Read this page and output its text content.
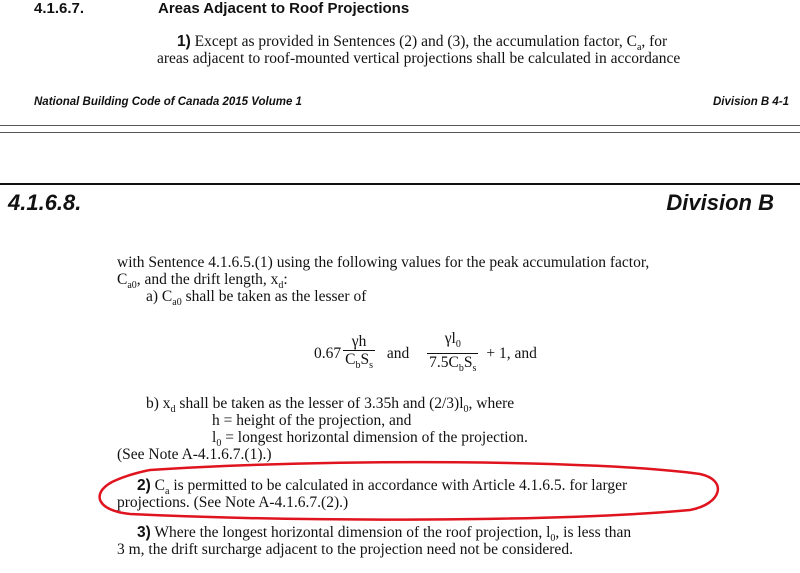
4.1.6.7.	Areas Adjacent to Roof Projections
1) Except as provided in Sentences (2) and (3), the accumulation factor, $C_a$, for
areas adjacent to roof-mounted vertical projections shall be calculated in accordance
National Building Code of Canada 2015 Volume 1	Division B 4-1
4.1.6.8.	Division B
with Sentence 4.1.6.5.(1) using the following values for the peak accumulation factor,
$C_{a0}$, and the drift length, $x_d$:
a) $C_{a0}$ shall be taken as the lesser of
$0.67 \frac{\gamma h}{C_bS_s}$ and $\frac{\gamma l_0}{7.5C_bS_s} + 1$, and
b) $x_d$ shall be taken as the lesser of 3.35h and $(2/3)l_0$, where
h = height of the projection, and
$l_0$ = longest horizontal dimension of the projection.
(See Note A-4.1.6.7.(1).)
2) $C_a$ is permitted to be calculated in accordance with Article 4.1.6.5. for larger
projections. (See Note A-4.1.6.7.(2).)
3) Where the longest horizontal dimension of the roof projection, $l_0$, is less than
3 m, the drift surcharge adjacent to the projection need not be considered.
